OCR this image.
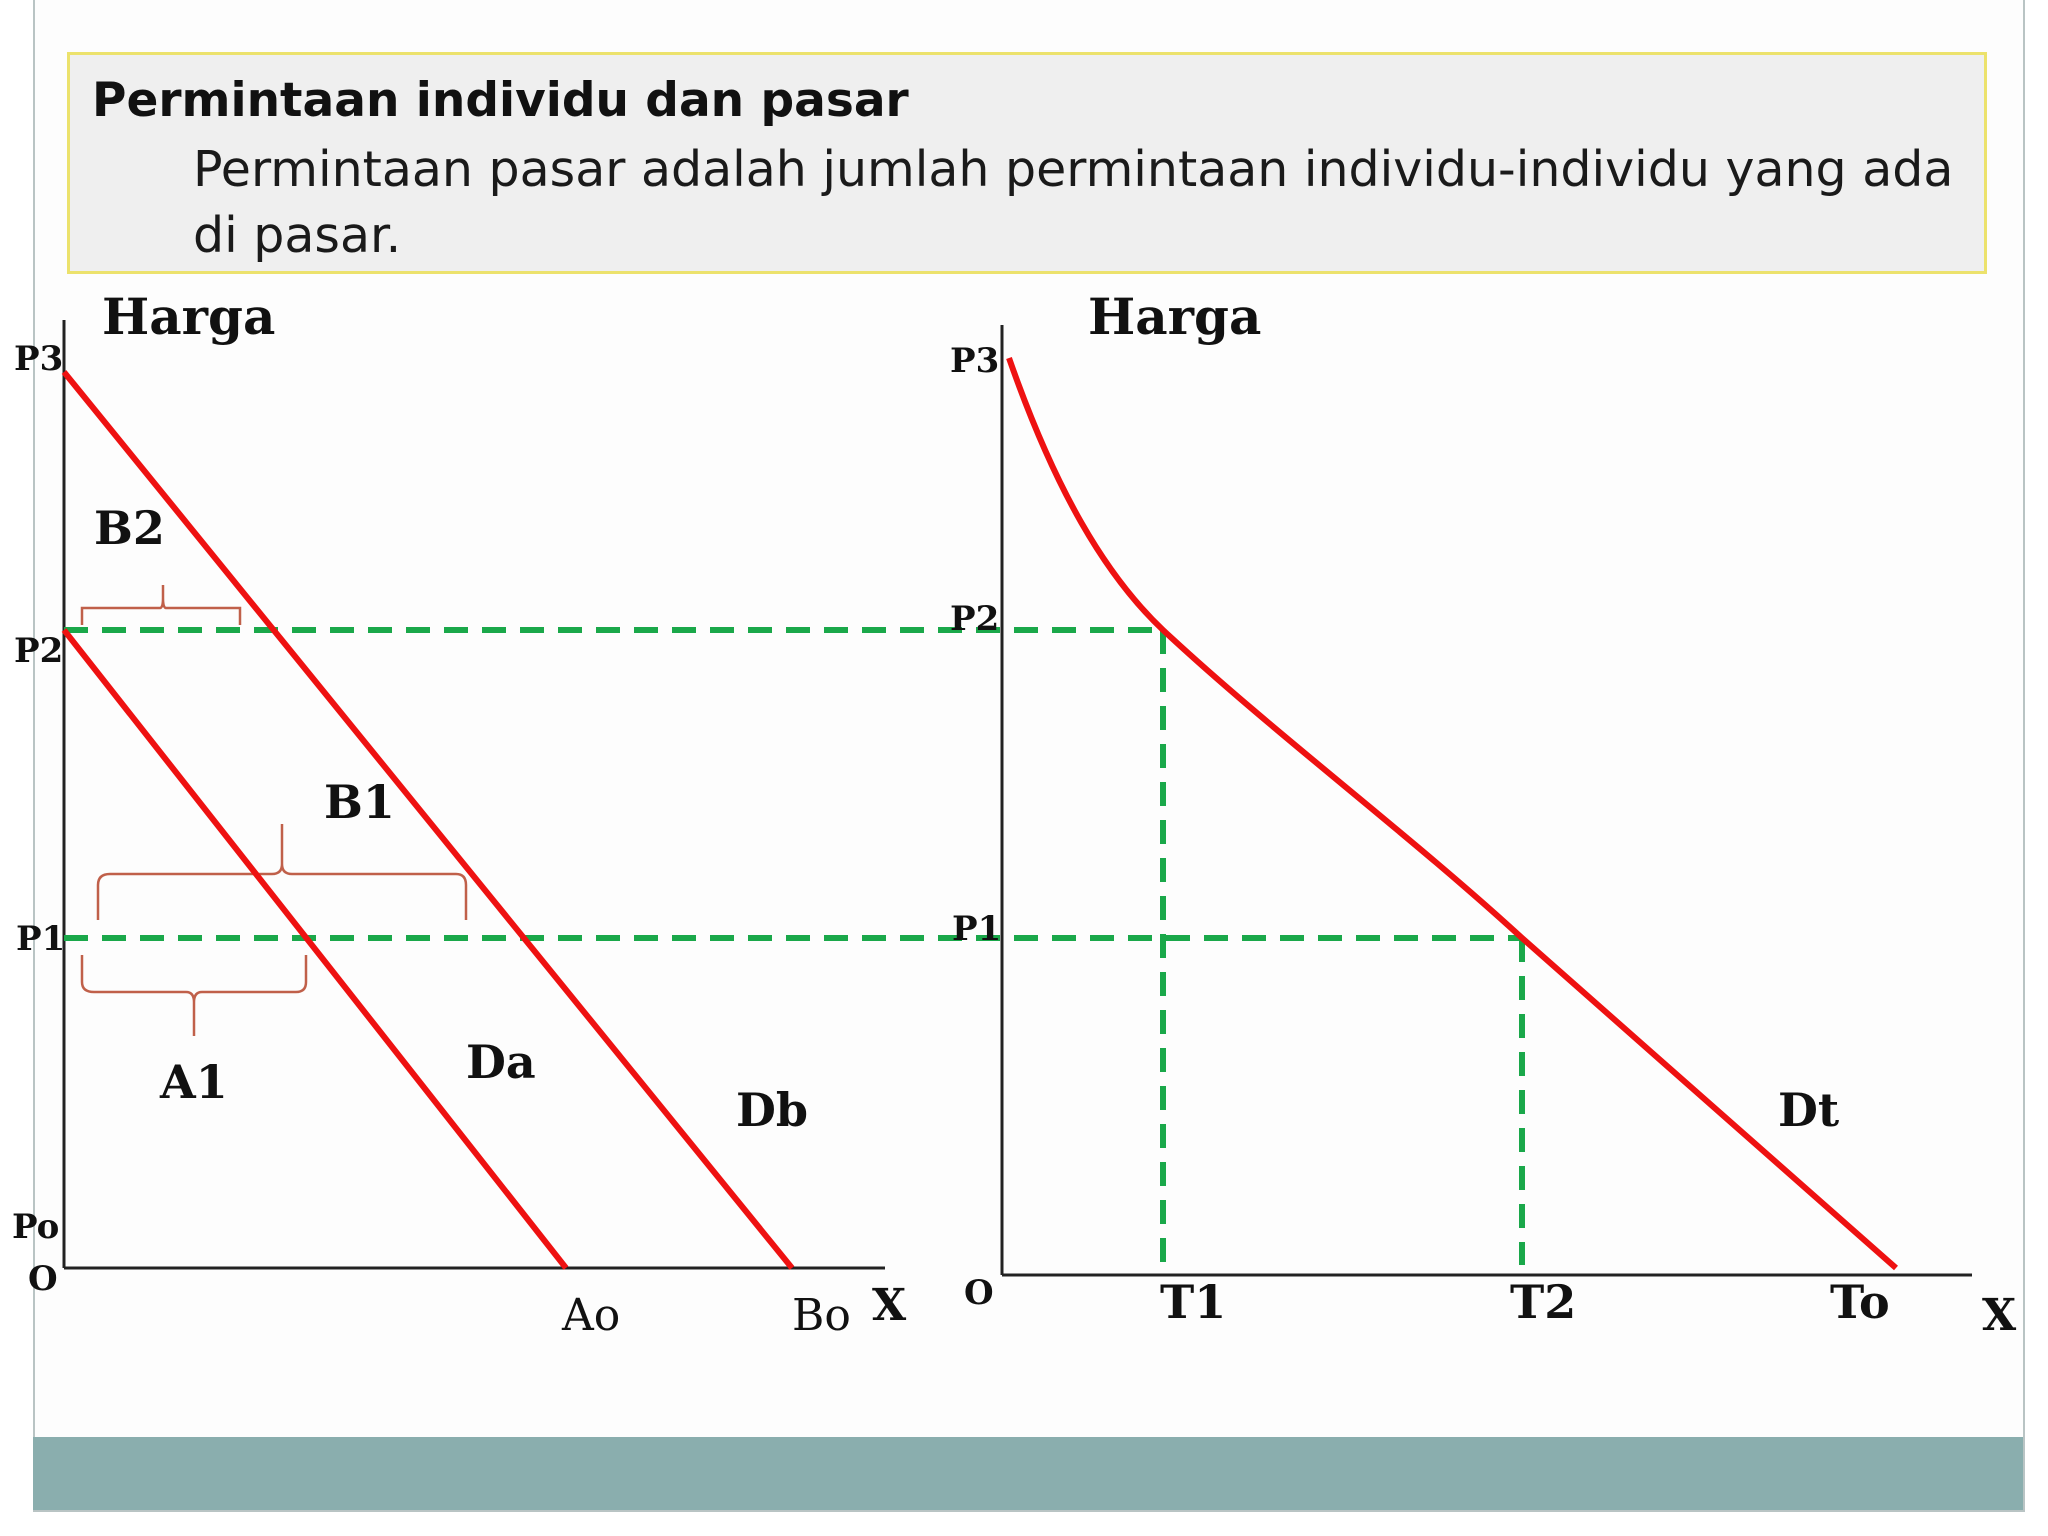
Permintaan individu dan pasar
Permintaan pasar adalah jumlah permintaan individu-individu yang ada di pasar.
Harga
P3
P2
P1
Po
O
X
B2
B1
A1	Da
Db
Ao	Bo
Harga
P3
P2
P1
O	X
Dt
T1	T2	To
